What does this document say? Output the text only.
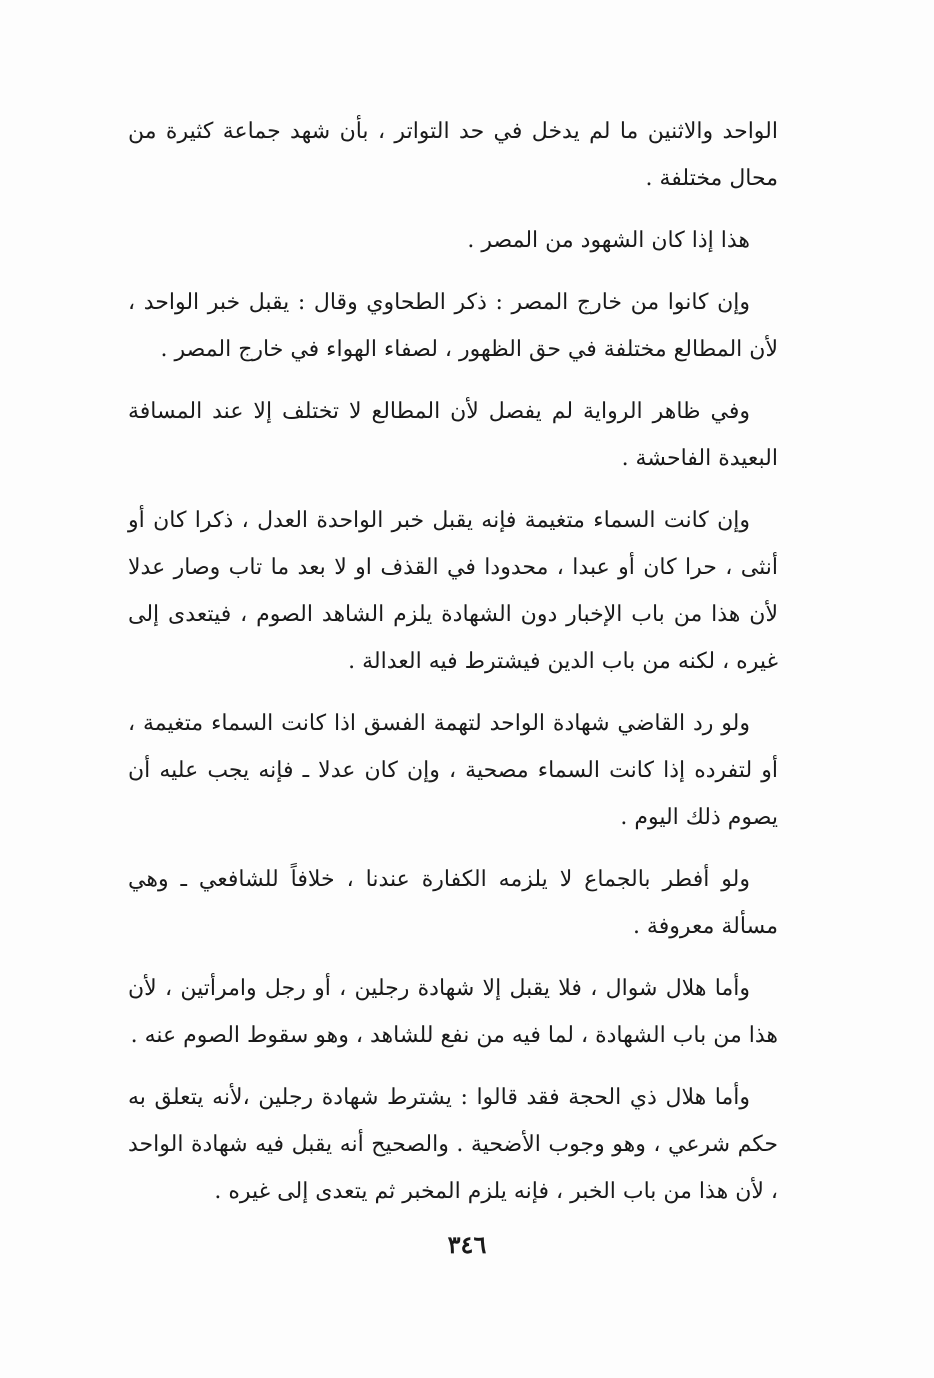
الواحد والاثنين ما لم يدخل في حد التواتر ، بأن شهد جماعة كثيرة من محال مختلفة .

هذا إذا كان الشهود من المصر .

وإن كانوا من خارج المصر : ذكر الطحاوي وقال : يقبل خبر الواحد ، لأن المطالع مختلفة في حق الظهور ، لصفاء الهواء في خارج المصر .

وفي ظاهر الرواية لم يفصل لأن المطالع لا تختلف إلا عند المسافة البعيدة الفاحشة .

وإن كانت السماء متغيمة فإنه يقبل خبر الواحدة العدل ، ذكرا كان أو أنثى ، حرا كان أو عبدا ، محدودا في القذف او لا بعد ما تاب وصار عدلا لأن هذا من باب الإخبار دون الشهادة يلزم الشاهد الصوم ، فيتعدى إلى غيره ، لكنه من باب الدين فيشترط فيه العدالة .

ولو رد القاضي شهادة الواحد لتهمة الفسق اذا كانت السماء متغيمة ، أو لتفرده إذا كانت السماء مصحية ، وإن كان عدلا ـ فإنه يجب عليه أن يصوم ذلك اليوم .

ولو أفطر بالجماع لا يلزمه الكفارة عندنا ، خلافاً للشافعي ـ وهي مسألة معروفة .

وأما هلال شوال ، فلا يقبل إلا شهادة رجلين ، أو رجل وامرأتين ، لأن هذا من باب الشهادة ، لما فيه من نفع للشاهد ، وهو سقوط الصوم عنه .

وأما هلال ذي الحجة فقد قالوا : يشترط شهادة رجلين ،لأنه يتعلق به حكم شرعي ، وهو وجوب الأضحية . والصحيح أنه يقبل فيه شهادة الواحد ، لأن هذا من باب الخبر ، فإنه يلزم المخبر ثم يتعدى إلى غيره .

٣٤٦
